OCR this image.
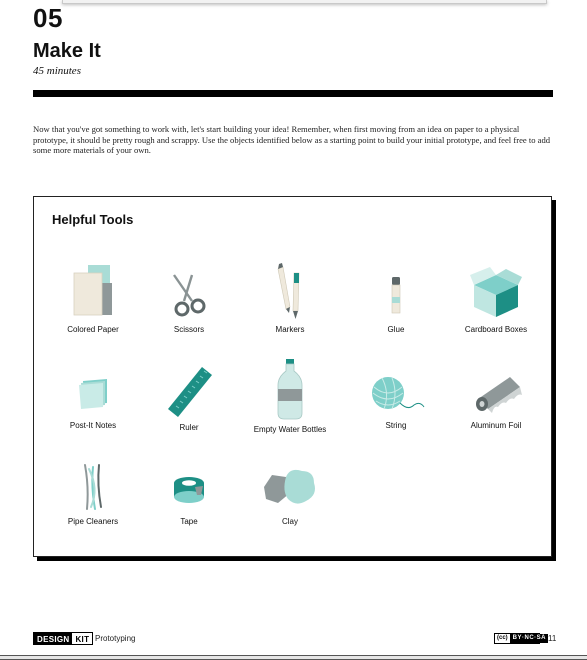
05
Make It
45 minutes

Now that you've got something to work with, let's start building your idea! Remember, when first moving from an idea on paper to a physical prototype, it should be pretty rough and scrappy. Use the objects identified below as a starting point to build your initial prototype, and feel free to add some more materials of your own.

Helpful Tools
Colored Paper	Scissors	Markers	Glue	Cardboard Boxes
Post-It Notes	Ruler	Empty Water Bottles	String	Aluminum Foil
Pipe Cleaners	Tape	Clay
DESIGN KIT Prototyping	(cc) BY·NC·SA 11
